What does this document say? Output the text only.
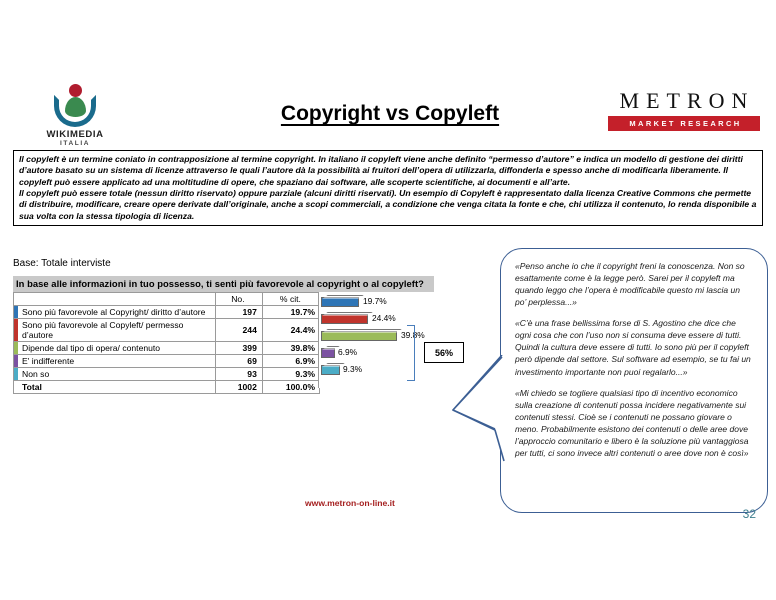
WIKIMEDIA
ITALIA
Copyright vs Copyleft
METRON
MARKET RESEARCH

Il copyleft è un termine coniato in contrapposizione al termine copyright. In italiano il copyleft viene anche definito “permesso d’autore” e indica un modello di gestione dei diritti d’autore basato su un sistema di licenze attraverso le quali l’autore dà la possibilità ai fruitori dell’opera di utilizzarla, diffonderla e spesso anche di modificarla liberamente. Il copyleft può essere applicato ad una moltitudine di opere, che spaziano dai software, alle scoperte scientifiche, ai documenti e all’arte.

Il copyleft può essere totale (nessun diritto riservato) oppure parziale (alcuni diritti riservati). Un esempio di Copyleft è rappresentato dalla licenza Creative Commons che permette di distribuire, modificare, creare opere derivate dall’originale, anche a scopi commerciali, a condizione che venga citata la fonte e che, chi utilizza il contenuto, lo renda disponibile a sua volta con la stessa tipologia di licenza.

Base: Totale interviste
In base alle informazioni in tuo possesso, ti senti più favorevole al copyright o al copyleft?
	No.	% cit.

Sono più favorevole al Copyright/ diritto d’autore	197	19.7%

Sono più favorevole al Copyleft/ permesso d’autore	244	24.4%

Dipende dal tipo di opera/ contenuto	399	39.8%

E' indifferente	69	6.9%

Non so	93	9.3%
Total	1002	100.0%
19.7%
24.4%
39.8%
6.9%
9.3%
56%

«Penso anche io che il copyright freni la conoscenza. Non so esattamente come è la legge però. Sarei per il copyleft ma quando leggo che l’opera è modificabile questo mi lascia un po’ perplessa...»

«C’è una frase bellissima forse di S. Agostino che dice che ogni cosa che con l’uso non si consuma deve essere di tutti. Quindi la cultura deve essere di tutti. Io sono più per il copyleft però dipende dal settore. Sul software ad esempio, se tu fai un investimento importante non puoi regalarlo...»

«Mi chiedo se togliere qualsiasi tipo di incentivo economico sulla creazione di contenuti possa incidere negativamente sui contenuti stessi. Cioè se i contenuti ne possano giovare o meno. Probabilmente esistono dei contenuti o delle aree dove l’approccio comunitario e libero è la soluzione più vantaggiosa per tutti, ci sono invece altri contenuti o aree dove non è così»

www.metron-on-line.it
32
